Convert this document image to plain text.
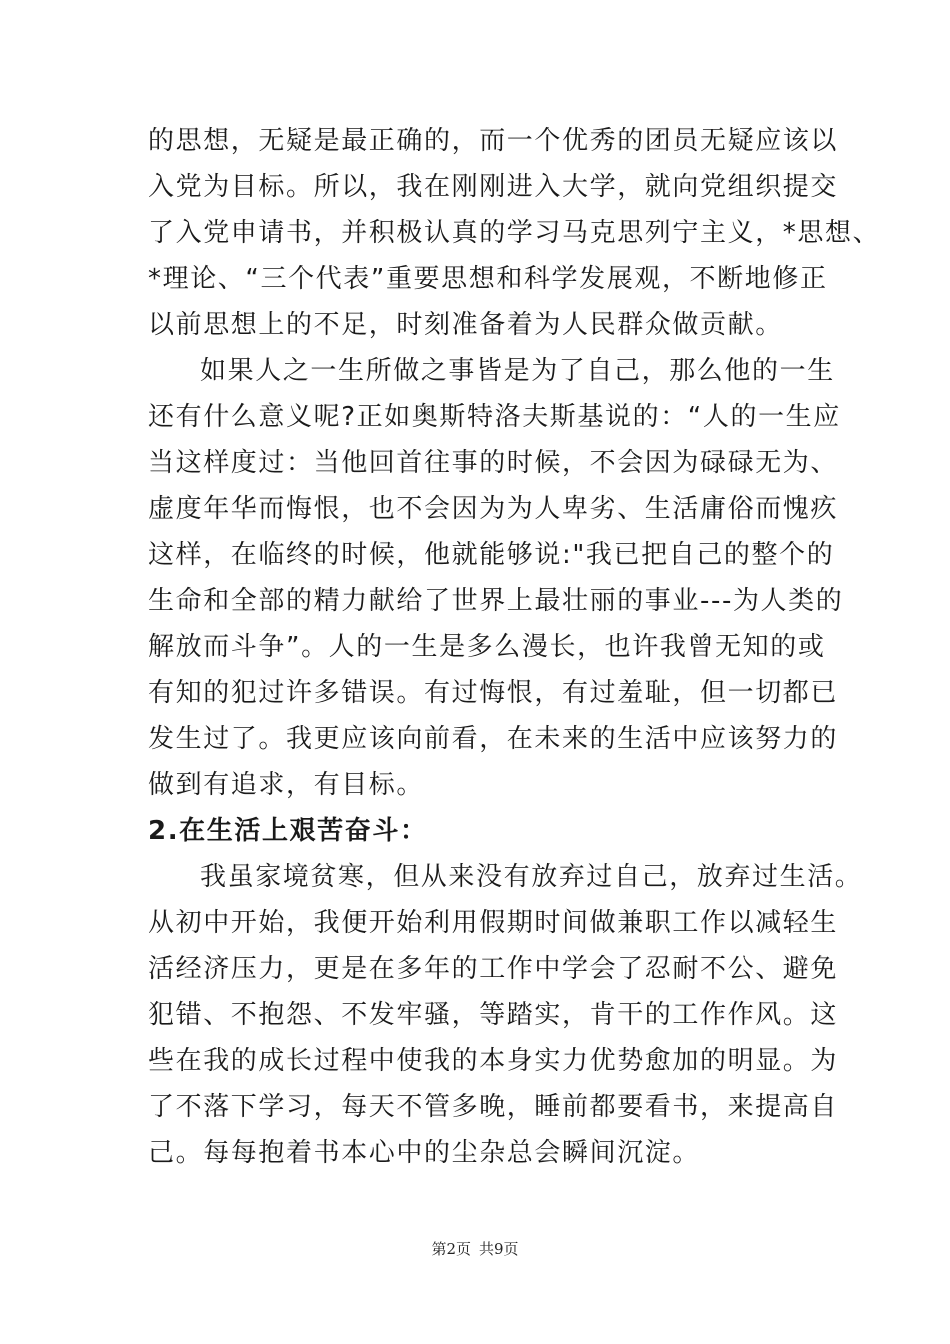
的思想，无疑是最正确的，而一个优秀的团员无疑应该以
入党为目标。所以，我在刚刚进入大学，就向党组织提交
了入党申请书，并积极认真的学习马克思列宁主义，*思想、
*理论、“三个代表”重要思想和科学发展观，不断地修正
以前思想上的不足，时刻准备着为人民群众做贡献。
如果人之一生所做之事皆是为了自己，那么他的一生
还有什么意义呢?正如奥斯特洛夫斯基说的：“人的一生应
当这样度过：当他回首往事的时候，不会因为碌碌无为、
虚度年华而悔恨，也不会因为为人卑劣、生活庸俗而愧疚
这样，在临终的时候，他就能够说:"我已把自己的整个的
生命和全部的精力献给了世界上最壮丽的事业---为人类的
解放而斗争”。人的一生是多么漫长，也许我曾无知的或
有知的犯过许多错误。有过悔恨，有过羞耻，但一切都已
发生过了。我更应该向前看，在未来的生活中应该努力的
做到有追求，有目标。
2.在生活上艰苦奋斗：
我虽家境贫寒，但从来没有放弃过自己，放弃过生活。
从初中开始，我便开始利用假期时间做兼职工作以减轻生
活经济压力，更是在多年的工作中学会了忍耐不公、避免
犯错、不抱怨、不发牢骚，等踏实，肯干的工作作风。这
些在我的成长过程中使我的本身实力优势愈加的明显。为
了不落下学习，每天不管多晚，睡前都要看书，来提高自
己。每每抱着书本心中的尘杂总会瞬间沉淀。
第2页 共9页
